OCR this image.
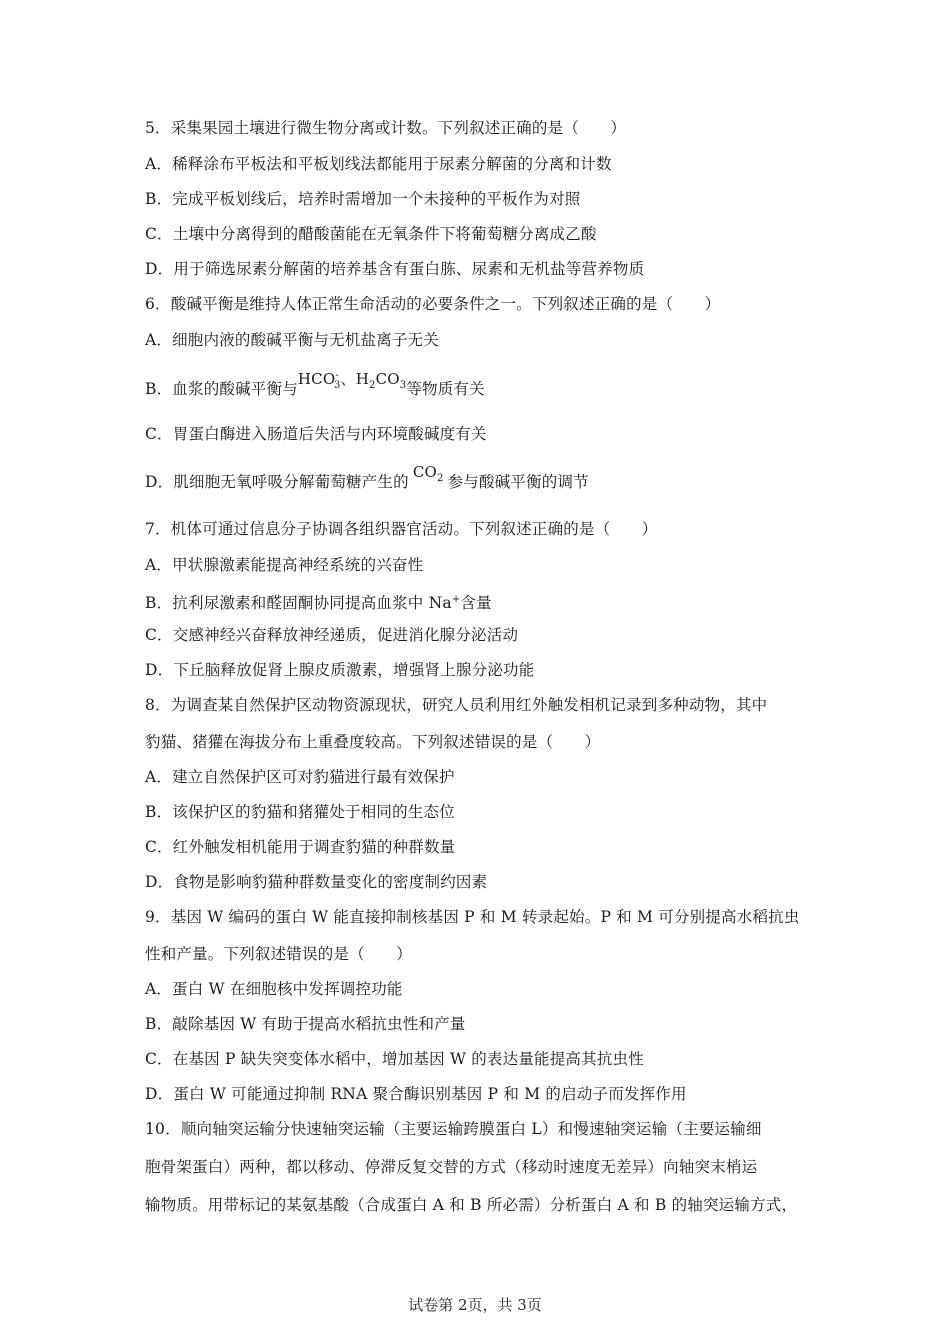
5．采集果园土壤进行微生物分离或计数。下列叙述正确的是（　　）
A．稀释涂布平板法和平板划线法都能用于尿素分解菌的分离和计数
B．完成平板划线后，培养时需增加一个未接种的平板作为对照
C．土壤中分离得到的醋酸菌能在无氧条件下将葡萄糖分离成乙酸
D．用于筛选尿素分解菌的培养基含有蛋白胨、尿素和无机盐等营养物质
6．酸碱平衡是维持人体正常生命活动的必要条件之一。下列叙述正确的是（　　）
A．细胞内液的酸碱平衡与无机盐离子无关
B．血浆的酸碱平衡与$HCO^-_3$、$H_2CO_3$等物质有关
C．胃蛋白酶进入肠道后失活与内环境酸碱度有关
D．肌细胞无氧呼吸分解葡萄糖产生的$CO_2$ 参与酸碱平衡的调节
7．机体可通过信息分子协调各组织器官活动。下列叙述正确的是（　　）
A．甲状腺激素能提高神经系统的兴奋性
B．抗利尿激素和醛固酮协同提高血浆中 Na+含量
C．交感神经兴奋释放神经递质，促进消化腺分泌活动
D．下丘脑释放促肾上腺皮质激素，增强肾上腺分泌功能
8．为调查某自然保护区动物资源现状，研究人员利用红外触发相机记录到多种动物，其中
豹猫、猪獾在海拔分布上重叠度较高。下列叙述错误的是（　　）
A．建立自然保护区可对豹猫进行最有效保护
B．该保护区的豹猫和猪獾处于相同的生态位
C．红外触发相机能用于调查豹猫的种群数量
D．食物是影响豹猫种群数量变化的密度制约因素
9．基因 W 编码的蛋白 W 能直接抑制核基因 P 和 M 转录起始。P 和 M 可分别提高水稻抗虫
性和产量。下列叙述错误的是（　　）
A．蛋白 W 在细胞核中发挥调控功能
B．敲除基因 W 有助于提高水稻抗虫性和产量
C．在基因 P 缺失突变体水稻中，增加基因 W 的表达量能提高其抗虫性
D．蛋白 W 可能通过抑制 RNA 聚合酶识别基因 P 和 M 的启动子而发挥作用
10．顺向轴突运输分快速轴突运输（主要运输跨膜蛋白 L）和慢速轴突运输（主要运输细
胞骨架蛋白）两种，都以移动、停滞反复交替的方式（移动时速度无差异）向轴突末梢运
输物质。用带标记的某氨基酸（合成蛋白 A 和 B 所必需）分析蛋白 A 和 B 的轴突运输方式，
试卷第 2页，共 3页
